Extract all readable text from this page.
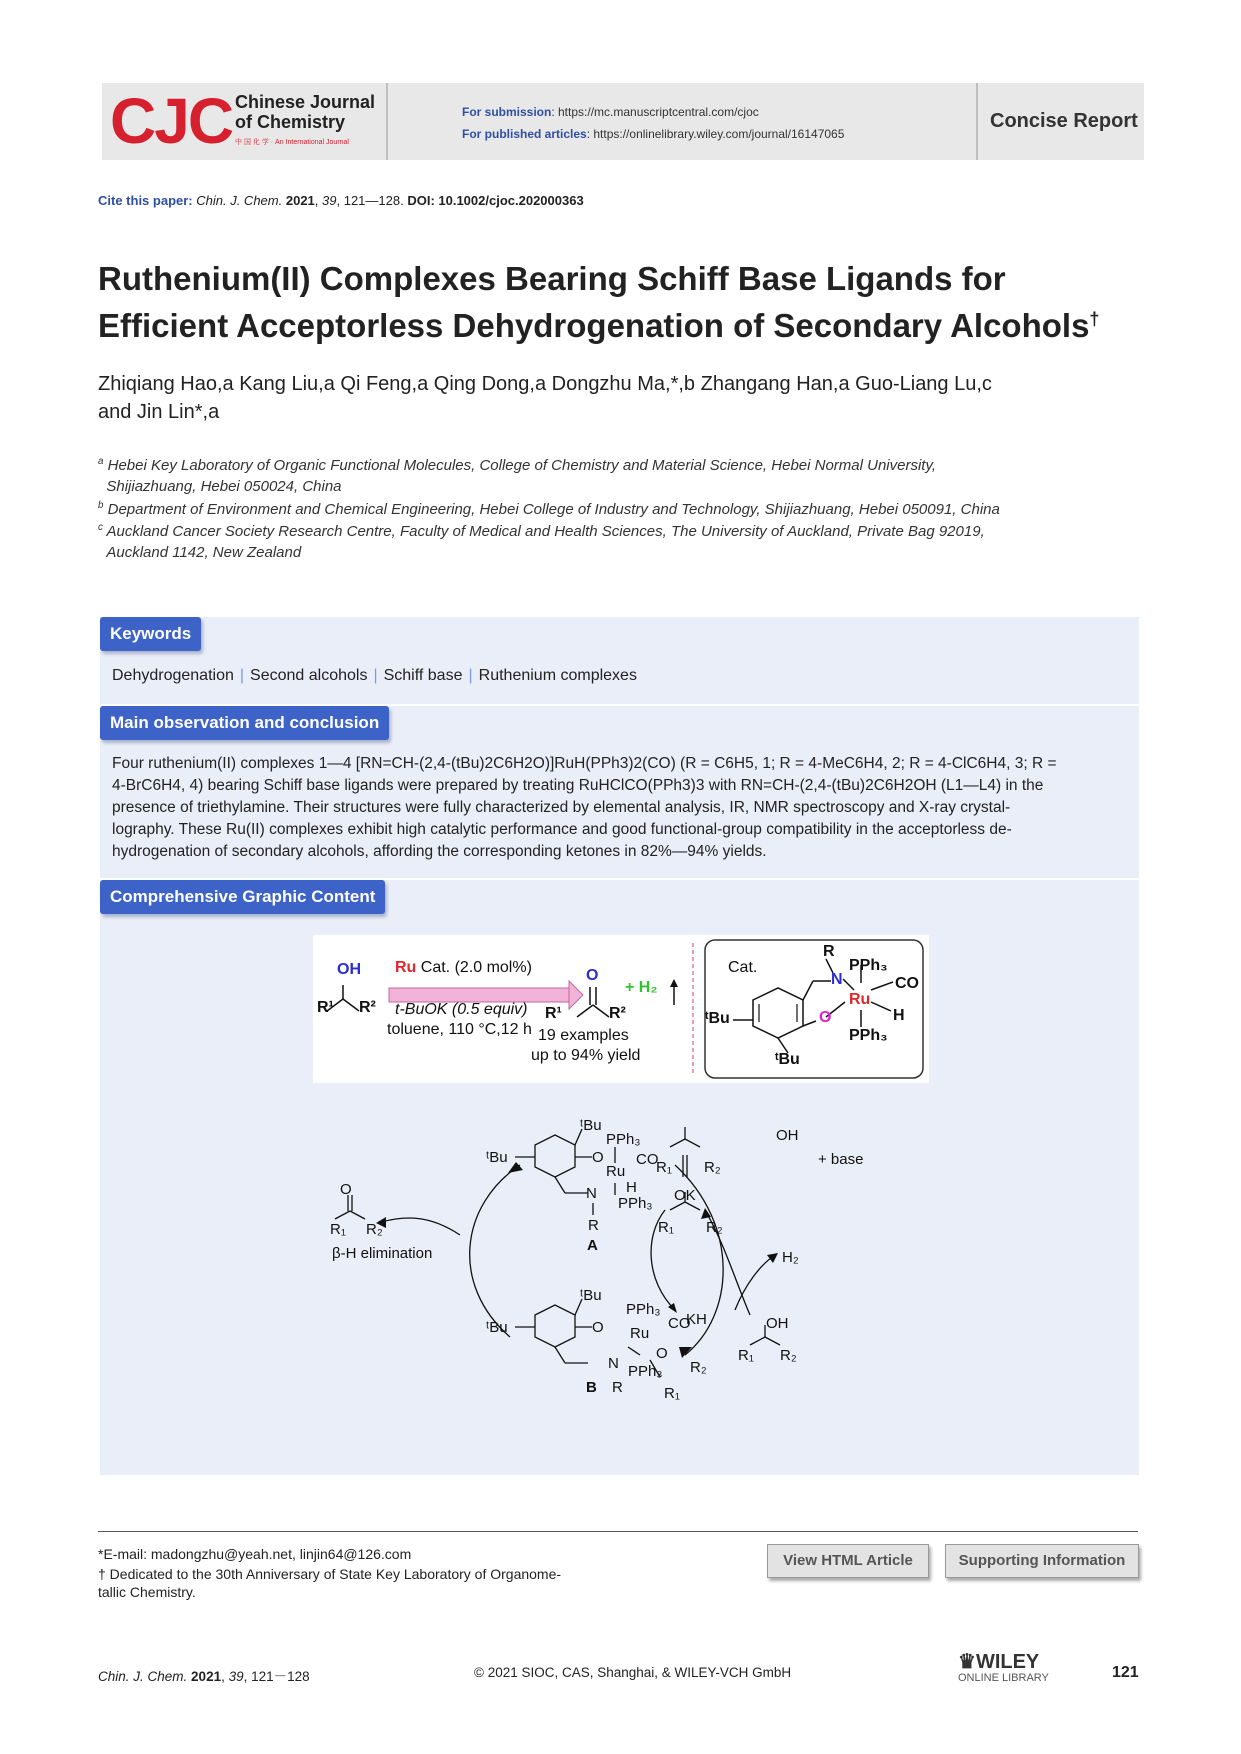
CJC Chinese Journal
of Chemistry
中 国 化 学 · An International Journal
For submission: https://mc.manuscriptcentral.com/cjoc
For published articles: https://onlinelibrary.wiley.com/journal/16147065
Concise Report
Cite this paper: Chin. J. Chem. 2021, 39, 121—128. DOI: 10.1002/cjoc.202000363
Ruthenium(II) Complexes Bearing Schiff Base Ligands for
Efficient Acceptorless Dehydrogenation of Secondary Alcohols†
Zhiqiang Hao,a Kang Liu,a Qi Feng,a Qing Dong,a Dongzhu Ma,*,b Zhangang Han,a Guo-Liang Lu,c
and Jin Lin*,a
$^a$ Hebei Key Laboratory of Organic Functional Molecules, College of Chemistry and Material Science, Hebei Normal University,
Shijiazhuang, Hebei 050024, China
$^b$ Department of Environment and Chemical Engineering, Hebei College of Industry and Technology, Shijiazhuang, Hebei 050091, China
$^c$ Auckland Cancer Society Research Centre, Faculty of Medical and Health Sciences, The University of Auckland, Private Bag 92019,
Auckland 1142, New Zealand
Keywords
Dehydrogenation | Second alcohols | Schiff base | Ruthenium complexes
Main observation and conclusion
Four ruthenium(II) complexes 1—4 [RN=CH-(2,4-(tBu)2C6H2O)]RuH(PPh3)2(CO) (R = C6H5, 1; R = 4-MeC6H4, 2; R = 4-ClC6H4, 3; R =
4-BrC6H4, 4) bearing Schiff base ligands were prepared by treating RuHClCO(PPh3)3 with RN=CH-(2,4-(tBu)2C6H2OH (L1—L4) in the
presence of triethylamine. Their structures were fully characterized by elemental analysis, IR, NMR spectroscopy and X-ray crystal-
lography. These Ru(II) complexes exhibit high catalytic performance and good functional-group compatibility in the acceptorless de-
hydrogenation of secondary alcohols, affording the corresponding ketones in 82%—94% yields.
Comprehensive Graphic Content
OH
R¹ R²
Ru Cat. (2.0 mol%)
t-BuOK (0.5 equiv)
toluene, 110 °C,12 h
O
+ H₂
R¹	R²
19 examples
up to 94% yield
Cat.
R
PPh₃
CO
N
Ru
O	H
PPh₃
ᵗBu
ᵗBu
ᵗBu
ᵗBu	O
PPh₃
Ru
CO
N H
PPh₃
R
A
O
R₁ R₂
β-H elimination
ᵗBu
ᵗBu	O
PPh₃
Ru
CO
N
O
PPh₃ R₂
R	R₁
B
OH
+ base
R₁ R₂
OK
R₁ R₂
H₂
KH	OH
R₁ R₂
*E-mail: madongzhu@yeah.net, linjin64@126.com
† Dedicated to the 30th Anniversary of State Key Laboratory of Organome-
tallic Chemistry.
View HTML Article	Supporting Information
Chin. J. Chem. 2021, 39, 121－128	© 2021 SIOC, CAS, Shanghai, & WILEY-VCH GmbH	♛WILEY
ONLINE LIBRARY	121
